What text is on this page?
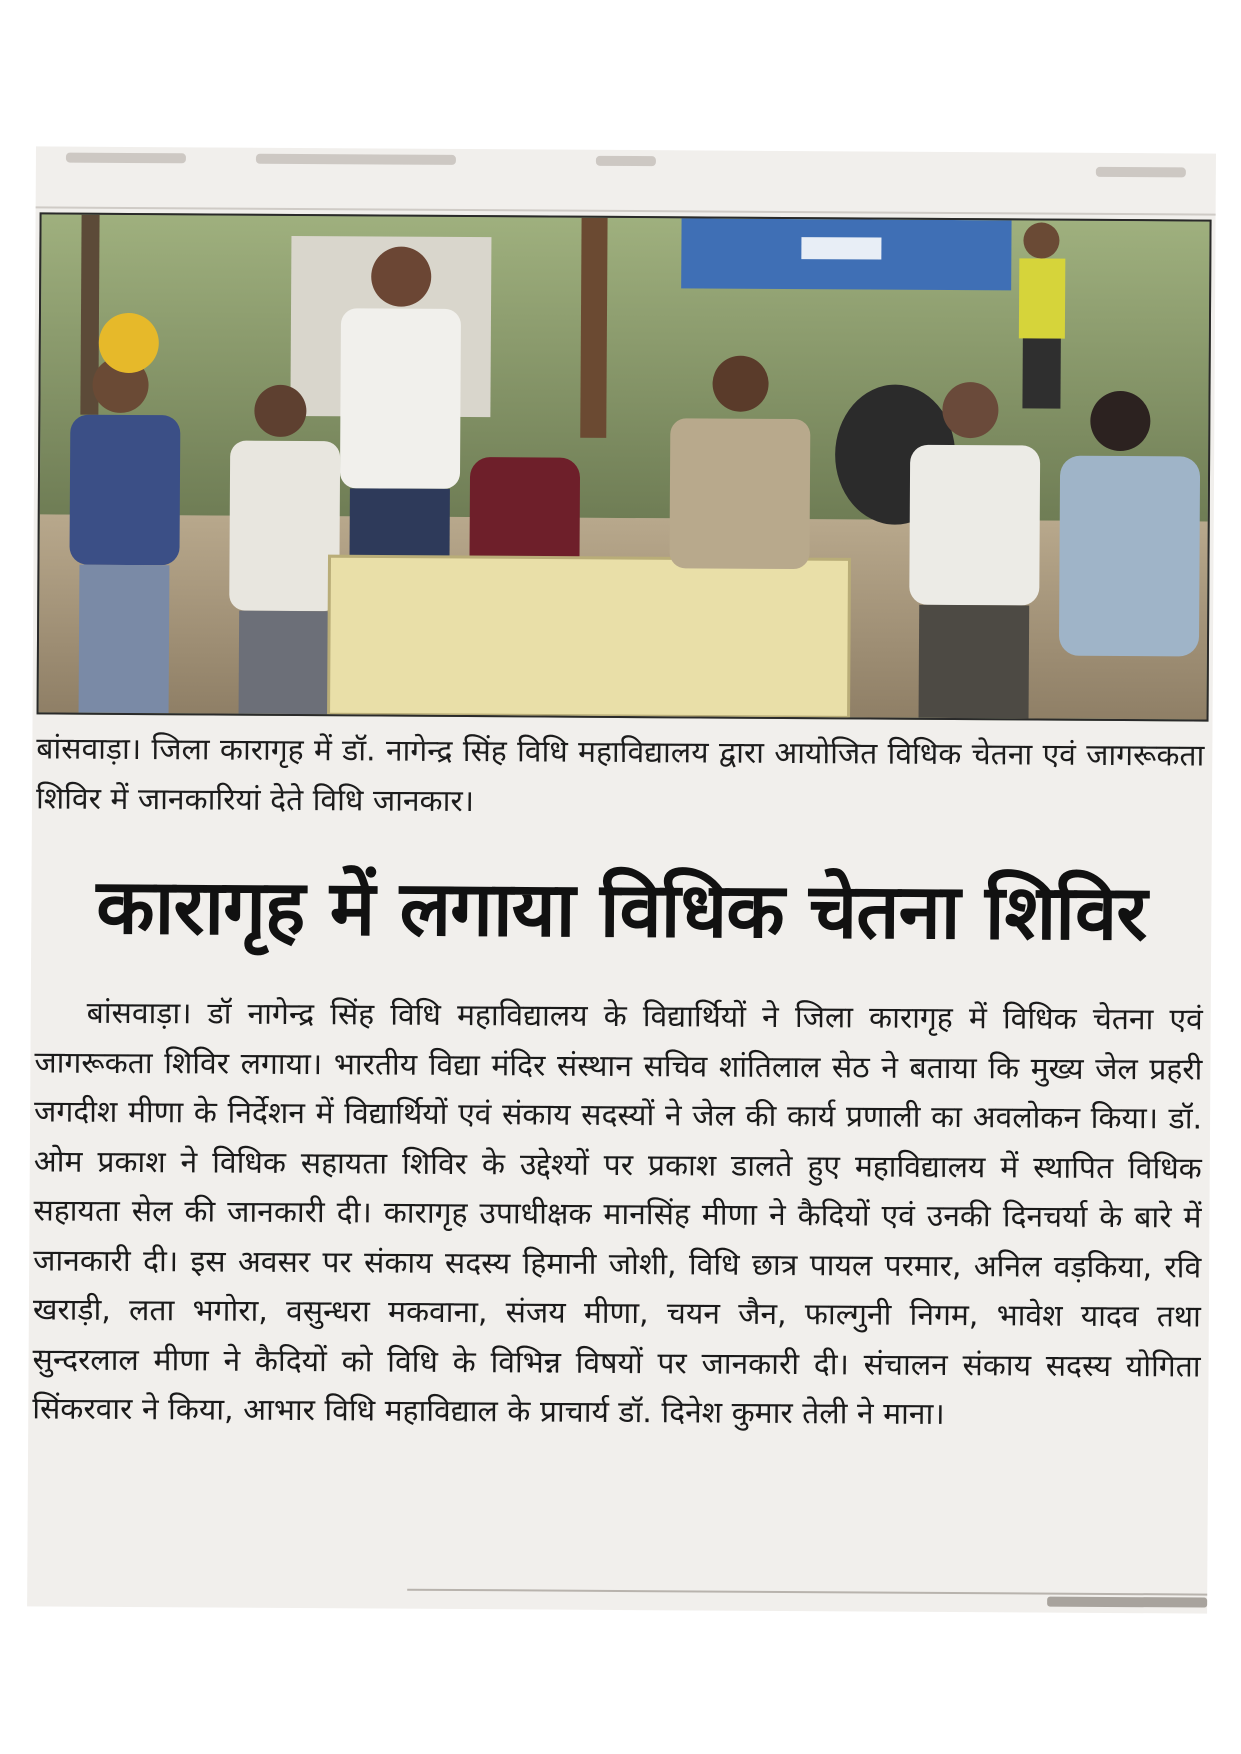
बांसवाड़ा। जिला कारागृह में डॉ. नागेन्द्र सिंह विधि महाविद्यालय द्वारा आयोजित विधिक चेतना एवं जागरूकता शिविर में जानकारियां देते विधि जानकार।
कारागृह में लगाया विधिक चेतना शिविर
बांसवाड़ा। डॉ नागेन्द्र सिंह विधि महाविद्यालय के विद्यार्थियों ने जिला कारागृह में विधिक चेतना एवं जागरूकता शिविर लगाया। भारतीय विद्या मंदिर संस्थान सचिव शांतिलाल सेठ ने बताया कि मुख्य जेल प्रहरी जगदीश मीणा के निर्देशन में विद्यार्थियों एवं संकाय सदस्यों ने जेल की कार्य प्रणाली का अवलोकन किया। डॉ. ओम प्रकाश ने विधिक सहायता शिविर के उद्देश्यों पर प्रकाश डालते हुए महाविद्यालय में स्थापित विधिक सहायता सेल की जानकारी दी। कारागृह उपाधीक्षक मानसिंह मीणा ने कैदियों एवं उनकी दिनचर्या के बारे में जानकारी दी। इस अवसर पर संकाय सदस्य हिमानी जोशी, विधि छात्र पायल परमार, अनिल वड़किया, रवि खराड़ी, लता भगोरा, वसुन्धरा मकवाना, संजय मीणा, चयन जैन, फाल्गुनी निगम, भावेश यादव तथा सुन्दरलाल मीणा ने कैदियों को विधि के विभिन्न विषयों पर जानकारी दी। संचालन संकाय सदस्य योगिता सिंकरवार ने किया, आभार विधि महाविद्याल के प्राचार्य डॉ. दिनेश कुमार तेली ने माना।
